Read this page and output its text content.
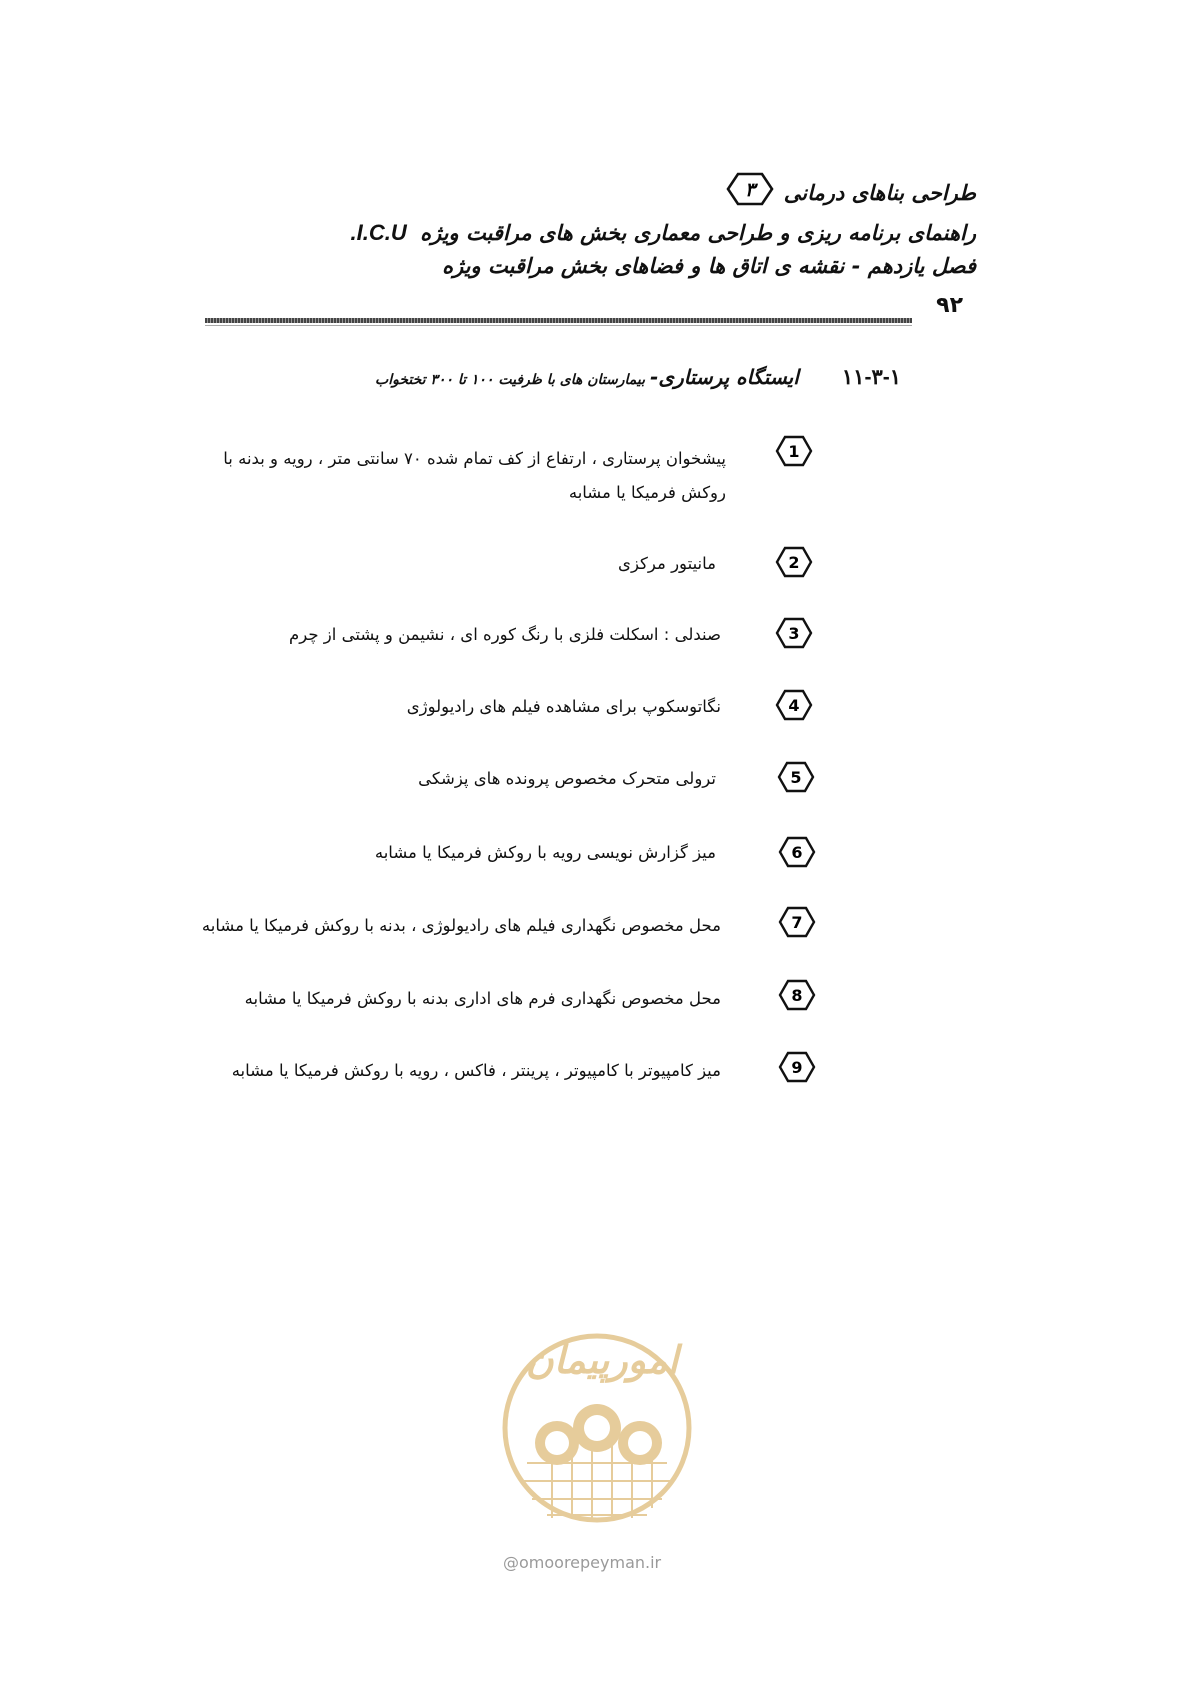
طراحی بناهای درمانی
۳
راهنمای برنامه ریزی و طراحی معماری بخش های مراقبت ویژه I.C.U.
فصل یازدهم - نقشه ی اتاق ها و فضاهای بخش مراقبت ویژه
۹۲
۱۱-۳-۱ ایستگاه پرستاری- بیمارستان های با ظرفیت ۱۰۰ تا ۳۰۰ تختخواب
1
پیشخوان پرستاری ، ارتفاع از کف تمام شده ۷۰ سانتی متر ، رویه و بدنه با
روکش فرمیکا یا مشابه
2
مانیتور مرکزی
3
صندلی : اسکلت فلزی با رنگ کوره ای ، نشیمن و پشتی از چرم
4
نگاتوسکوپ برای مشاهده فیلم های رادیولوژی
5
ترولی متحرک مخصوص پرونده های پزشکی
6
میز گزارش نویسی رویه با روکش فرمیکا یا مشابه
7
محل مخصوص نگهداری فیلم های رادیولوژی ، بدنه با روکش فرمیکا یا مشابه
8
محل مخصوص نگهداری فرم های اداری بدنه با روکش فرمیکا یا مشابه
9
میز کامپیوتر با کامپیوتر ، پرینتر ، فاکس ، رویه با روکش فرمیکا یا مشابه
امورپیمان
@omoorepeyman.ir
